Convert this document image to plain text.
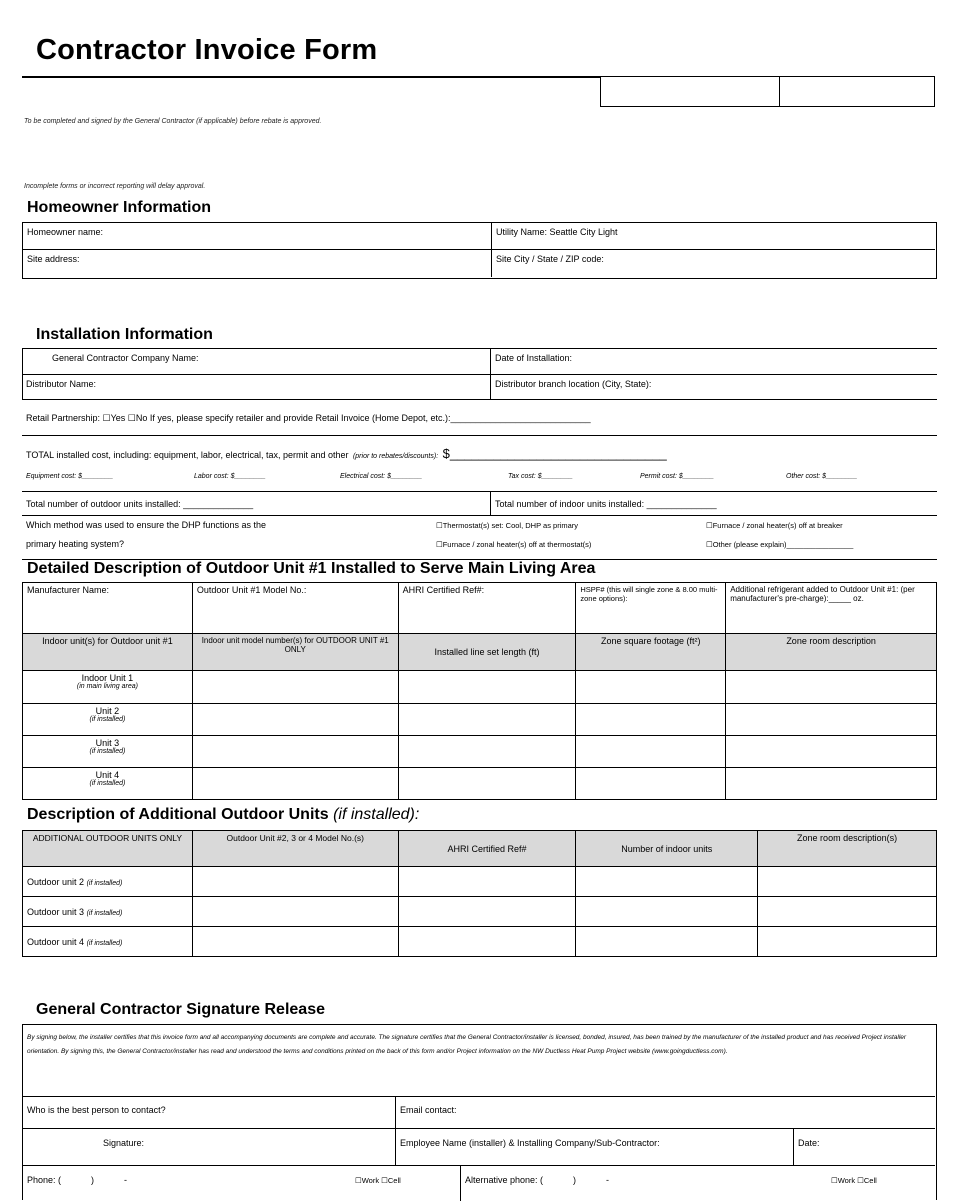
Contractor Invoice Form
To be completed and signed by the General Contractor (if applicable) before rebate is approved.
Incomplete forms or incorrect reporting will delay approval.
Homeowner Information
Homeowner name:	Utility Name: Seattle City Light
Site address:	Site City / State / ZIP code:
Installation Information
General Contractor Company Name:	Date of Installation:
Distributor Name:	Distributor branch location (City, State):
Retail Partnership: ☐Yes ☐No If yes, please specify retailer and provide Retail Invoice (Home Depot, etc.):____________________________
TOTAL installed cost, including: equipment, labor, electrical, tax, permit and other (prior to rebates/discounts): $______________________________
Equipment cost: $________	Labor cost: $________	Electrical cost: $________	Tax cost: $________	Permit cost: $________	Other cost: $________
Total number of outdoor units installed: ______________	Total number of indoor units installed: ______________
Which method was used to ensure the DHP functions as the
primary heating system?
☐Thermostat(s) set: Cool, DHP as primary	☐Furnace / zonal heater(s) off at breaker
☐Furnace / zonal heater(s) off at thermostat(s)	☐Other (please explain)________________
Detailed Description of Outdoor Unit #1 Installed to Serve Main Living Area
Manufacturer Name:	Outdoor Unit #1 Model No.:	AHRI Certified Ref#:	HSPF# (this will single zone & 8.00 multi-zone options):	Additional refrigerant added to Outdoor Unit #1: (per manufacturer's pre-charge):_____ oz.
Indoor unit(s) for Outdoor unit #1	Indoor unit model number(s) for OUTDOOR UNIT #1 ONLY	Installed line set length (ft)	Zone square footage (ft²)	Zone room description

Indoor Unit 1
(in main living area)				

Unit 2
(if installed)				

Unit 3
(if installed)				

Unit 4
(if installed)				

Description of Additional Outdoor Units (if installed):
ADDITIONAL OUTDOOR UNITS ONLY	Outdoor Unit #2, 3 or 4 Model No.(s)	AHRI Certified Ref#	Number of indoor units	Zone room description(s)
Outdoor unit 2 (if installed)				
Outdoor unit 3 (if installed)				
Outdoor unit 4 (if installed)				
General Contractor Signature Release
By signing below, the installer certifies that this invoice form and all accompanying documents are complete and accurate. The signature certifies that the General Contractor/installer is licensed, bonded, insured, has been trained by the manufacturer of the installed product and has received Project installer orientation. By signing this, the General Contractor/installer has read and understood the terms and conditions printed on the back of this form and/or Project information on the NW Ductless Heat Pump Project website (www.goingductless.com).
Who is the best person to contact?	Email contact:
Signature:	Employee Name (installer) & Installing Company/Sub-Contractor:	Date:
Phone: (            )            -	☐Work ☐Cell	Alternative phone: (            )            -	☐Work ☐Cell
